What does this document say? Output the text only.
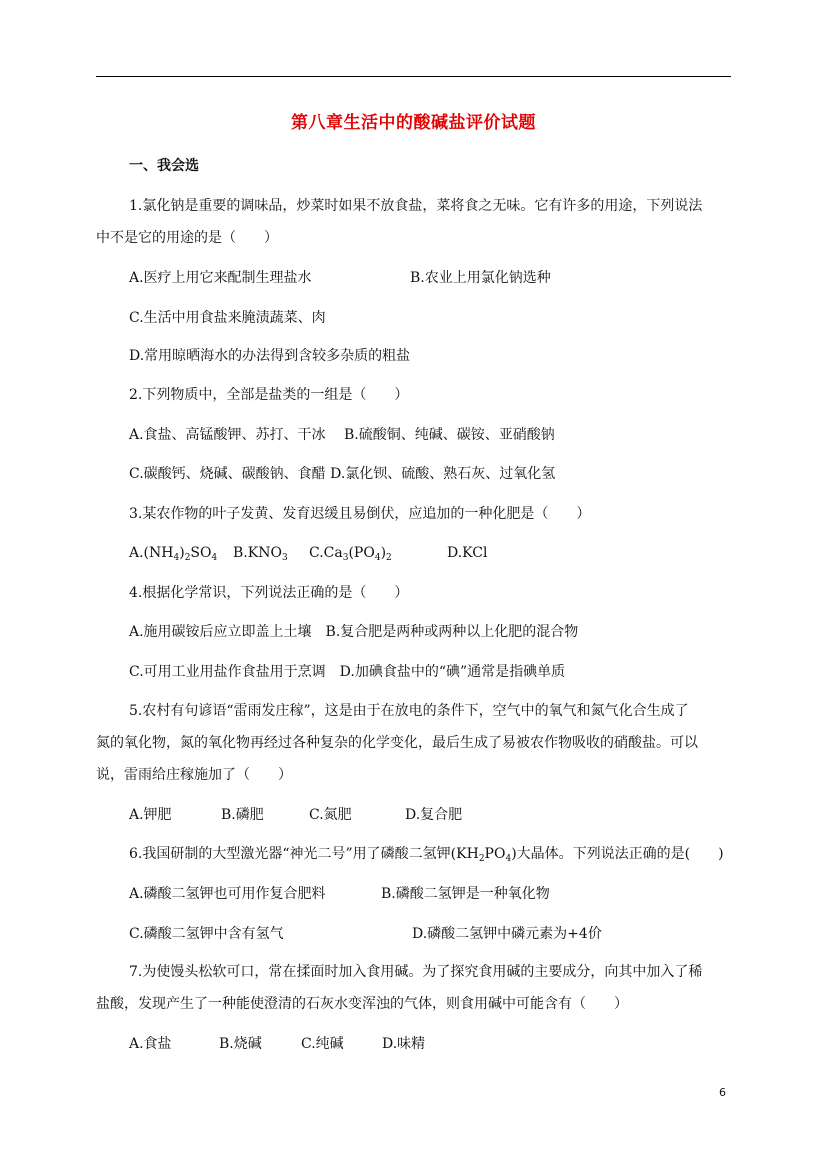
第八章生活中的酸碱盐评价试题
一、我会选
1.氯化钠是重要的调味品，炒菜时如果不放食盐，菜将食之无味。它有许多的用途，下列说法
中不是它的用途的是（　　）
A.医疗上用它来配制生理盐水	B.农业上用氯化钠选种
C.生活中用食盐来腌渍蔬菜、肉
D.常用晾晒海水的办法得到含较多杂质的粗盐
2.下列物质中，全部是盐类的一组是（　　）
A.食盐、高锰酸钾、苏打、干冰　 B.硫酸铜、纯碱、碳铵、亚硝酸钠
C.碳酸钙、烧碱、碳酸钠、食醋 D.氯化钡、硫酸、熟石灰、过氧化氢
3.某农作物的叶子发黄、发育迟缓且易倒伏，应追加的一种化肥是（　　）
$A.(NH_4)_2SO_4$ $B.KNO_3$ $C.Ca_3(PO_4)_2$	D.KCl
4.根据化学常识，下列说法正确的是（　　）
A.施用碳铵后应立即盖上土壤　B.复合肥是两种或两种以上化肥的混合物
C.可用工业用盐作食盐用于烹调　D.加碘食盐中的“碘”通常是指碘单质
5.农村有句谚语“雷雨发庄稼”，这是由于在放电的条件下，空气中的氧气和氮气化合生成了
氮的氧化物，氮的氧化物再经过各种复杂的化学变化，最后生成了易被农作物吸收的硝酸盐。可以
说，雷雨给庄稼施加了（　　）
A.钾肥	B.磷肥	C.氮肥	D.复合肥
6.我国研制的大型激光器“神光二号”用了磷酸二氢钾$(KH_2PO_4)$大晶体。下列说法正确的是(　　)
A.磷酸二氢钾也可用作复合肥料	B.磷酸二氢钾是一种氧化物
C.磷酸二氢钾中含有氢气	D.磷酸二氢钾中磷元素为+4价
7.为使馒头松软可口，常在揉面时加入食用碱。为了探究食用碱的主要成分，向其中加入了稀
盐酸，发现产生了一种能使澄清的石灰水变浑浊的气体，则食用碱中可能含有（　　）
A.食盐	B.烧碱	C.纯碱	D.味精
6
